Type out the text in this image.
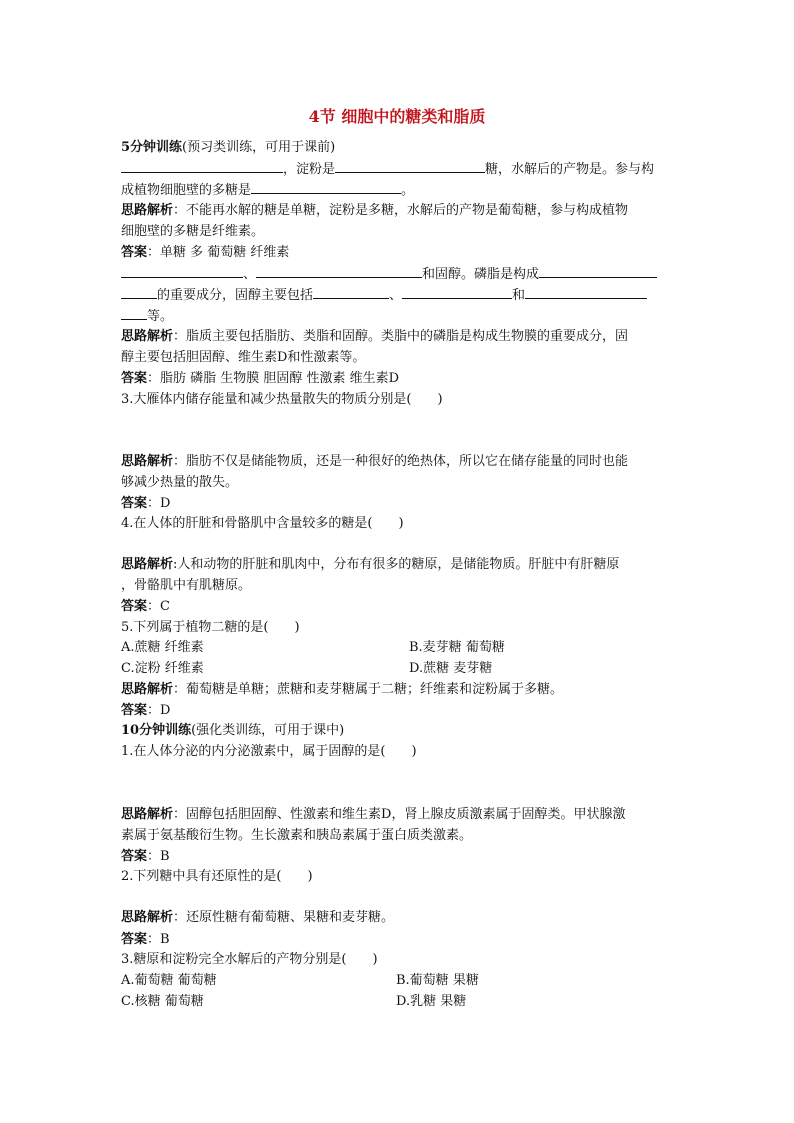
4节 细胞中的糖类和脂质
5分钟训练(预习类训练，可用于课前)
，淀粉是	糖，水解后的产物是。参与构
成植物细胞壁的多糖是	。
思路解析：不能再水解的糖是单糖，淀粉是多糖，水解后的产物是葡萄糖，参与构成植物
细胞壁的多糖是纤维素。
答案：单糖 多 葡萄糖 纤维素
、	和固醇。磷脂是构成
的重要成分，固醇主要包括	、	和
等。
思路解析：脂质主要包括脂肪、类脂和固醇。类脂中的磷脂是构成生物膜的重要成分，固
醇主要包括胆固醇、维生素D和性激素等。
答案：脂肪 磷脂 生物膜 胆固醇 性激素 维生素D
3.大雁体内储存能量和减少热量散失的物质分别是(　　)
思路解析：脂肪不仅是储能物质，还是一种很好的绝热体，所以它在储存能量的同时也能
够减少热量的散失。
答案：D
4.在人体的肝脏和骨骼肌中含量较多的糖是(　　)
思路解析:人和动物的肝脏和肌肉中，分布有很多的糖原，是储能物质。肝脏中有肝糖原
，骨骼肌中有肌糖原。
答案：C
5.下列属于植物二糖的是(　　)
A.蔗糖 纤维素	B.麦芽糖 葡萄糖
C.淀粉 纤维素	D.蔗糖 麦芽糖
思路解析：葡萄糖是单糖；蔗糖和麦芽糖属于二糖；纤维素和淀粉属于多糖。
答案：D
10分钟训练(强化类训练，可用于课中)
1.在人体分泌的内分泌激素中，属于固醇的是(　　)
思路解析：固醇包括胆固醇、性激素和维生素D，肾上腺皮质激素属于固醇类。甲状腺激
素属于氨基酸衍生物。生长激素和胰岛素属于蛋白质类激素。
答案：B
2.下列糖中具有还原性的是(　　)
思路解析：还原性糖有葡萄糖、果糖和麦芽糖。
答案：B
3.糖原和淀粉完全水解后的产物分别是(　　)
A.葡萄糖 葡萄糖	B.葡萄糖 果糖
C.核糖 葡萄糖	D.乳糖 果糖
